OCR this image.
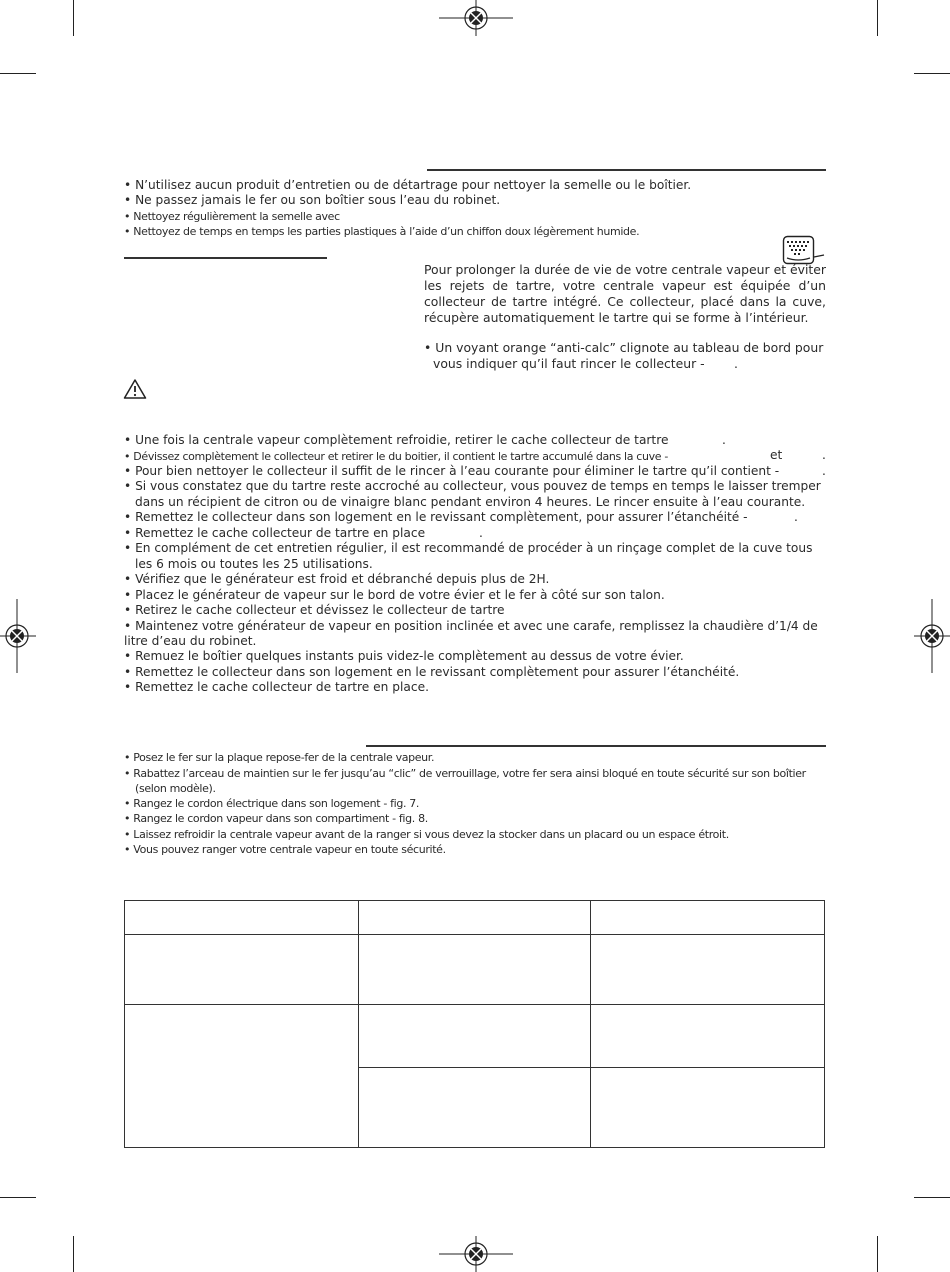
• N’utilisez aucun produit d’entretien ou de détartrage pour nettoyer la semelle ou le boîtier.
• Ne passez jamais le fer ou son boîtier sous l’eau du robinet.
• Nettoyez régulièrement la semelle avec
• Nettoyez de temps en temps les parties plastiques à l’aide d’un chiffon doux légèrement humide.
Pour prolonger la durée de vie de votre centrale vapeur et éviter les rejets de tartre, votre centrale vapeur est équipée d’un collecteur de tartre intégré. Ce collecteur, placé dans la cuve, récupère automatiquement le tartre qui se forme à l’intérieur.
• Un voyant orange “anti-calc” clignote au tableau de bord pour
vous indiquer qu’il faut rincer le collecteur - .
• Une fois la centrale vapeur complètement refroidie, retirer le cache collecteur de tartre	.
• Dévissez complètement le collecteur et retirer le du boitier, il contient le tartre accumulé dans la cuve -	et	.
• Pour bien nettoyer le collecteur il suffit de le rincer à l’eau courante pour éliminer le tartre qu’il contient -	.
• Si vous constatez que du tartre reste accroché au collecteur, vous pouvez de temps en temps le laisser tremper
dans un récipient de citron ou de vinaigre blanc pendant environ 4 heures. Le rincer ensuite à l’eau courante.
• Remettez le collecteur dans son logement en le revissant complètement, pour assurer l’étanchéité -	.
• Remettez le cache collecteur de tartre en place	.
• En complément de cet entretien régulier, il est recommandé de procéder à un rinçage complet de la cuve tous
les 6 mois ou toutes les 25 utilisations.
• Vérifiez que le générateur est froid et débranché depuis plus de 2H.
• Placez le générateur de vapeur sur le bord de votre évier et le fer à côté sur son talon.
• Retirez le cache collecteur et dévissez le collecteur de tartre
• Maintenez votre générateur de vapeur en position inclinée et avec une carafe, remplissez la chaudière d’1/4 de
litre d’eau du robinet.
• Remuez le boîtier quelques instants puis videz-le complètement au dessus de votre évier.
• Remettez le collecteur dans son logement en le revissant complètement pour assurer l’étanchéité.
• Remettez le cache collecteur de tartre en place.
• Posez le fer sur la plaque repose-fer de la centrale vapeur.
• Rabattez l’arceau de maintien sur le fer jusqu’au “clic” de verrouillage, votre fer sera ainsi bloqué en toute sécurité sur son boîtier
(selon modèle).
• Rangez le cordon électrique dans son logement - fig. 7.
• Rangez le cordon vapeur dans son compartiment - fig. 8.
• Laissez refroidir la centrale vapeur avant de la ranger si vous devez la stocker dans un placard ou un espace étroit.
• Vous pouvez ranger votre centrale vapeur en toute sécurité.
